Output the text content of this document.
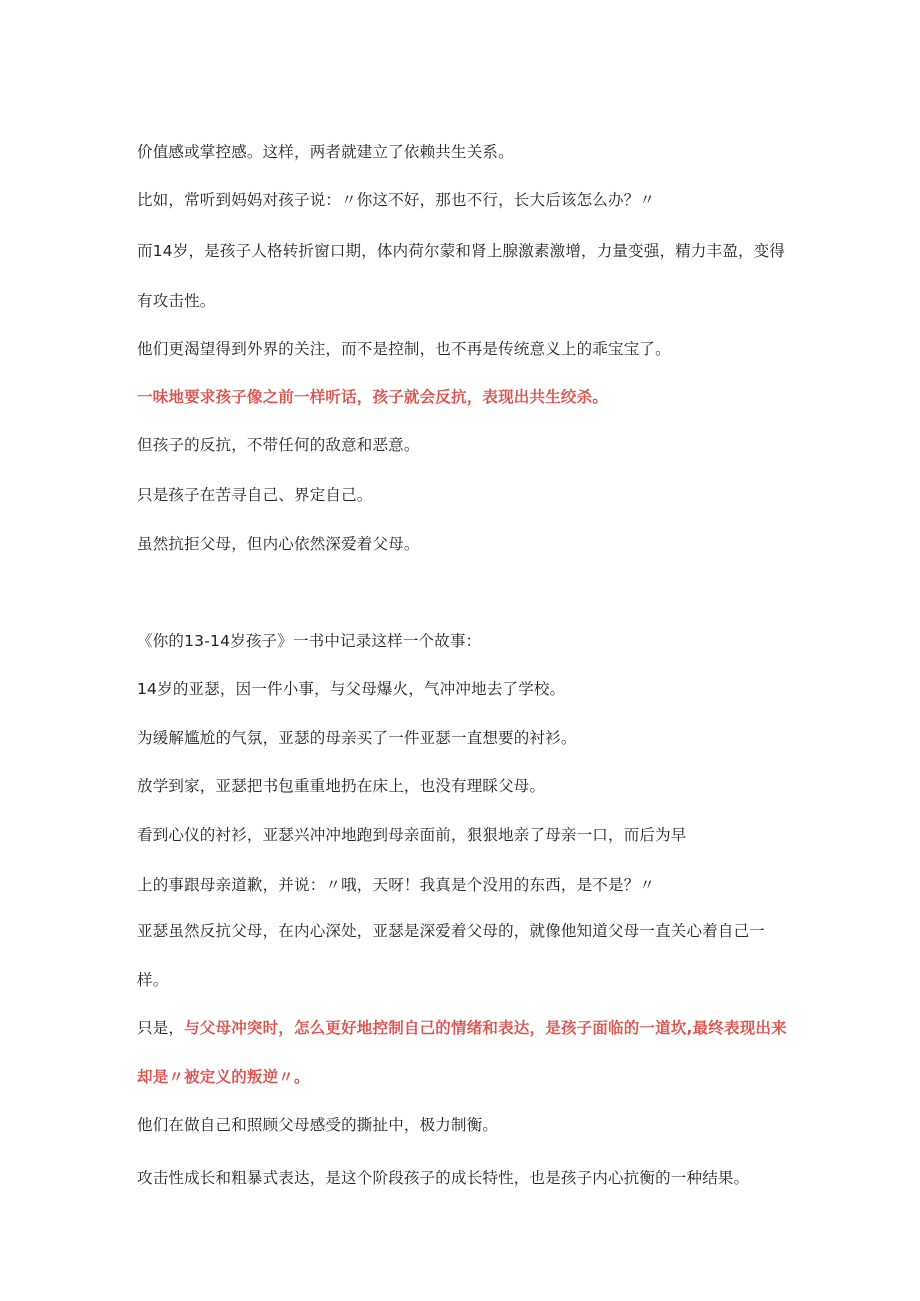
价值感或掌控感。这样，两者就建立了依赖共生关系。
比如，常听到妈妈对孩子说：〃你这不好，那也不行，长大后该怎么办？〃
而14岁，是孩子人格转折窗口期，体内荷尔蒙和肾上腺激素激增，力量变强，精力丰盈，变得
有攻击性。
他们更渴望得到外界的关注，而不是控制，也不再是传统意义上的乖宝宝了。
一味地要求孩子像之前一样听话，孩子就会反抗，表现出共生绞杀。
但孩子的反抗，不带任何的敌意和恶意。
只是孩子在苦寻自己、界定自己。
虽然抗拒父母，但内心依然深爱着父母。
《你的13-14岁孩子》一书中记录这样一个故事：
14岁的亚瑟，因一件小事，与父母爆火，气冲冲地去了学校。
为缓解尴尬的气氛，亚瑟的母亲买了一件亚瑟一直想要的衬衫。
放学到家，亚瑟把书包重重地扔在床上，也没有理睬父母。
看到心仪的衬衫，亚瑟兴冲冲地跑到母亲面前，狠狠地亲了母亲一口，而后为早
上的事跟母亲道歉，并说：〃哦，天呀！我真是个没用的东西，是不是？〃
亚瑟虽然反抗父母，在内心深处，亚瑟是深爱着父母的，就像他知道父母一直关心着自己一
样。
只是，与父母冲突时，怎么更好地控制自己的情绪和表达，是孩子面临的一道坎,最终表现出来
却是〃被定义的叛逆〃。
他们在做自己和照顾父母感受的撕扯中，极力制衡。
攻击性成长和粗暴式表达，是这个阶段孩子的成长特性，也是孩子内心抗衡的一种结果。
